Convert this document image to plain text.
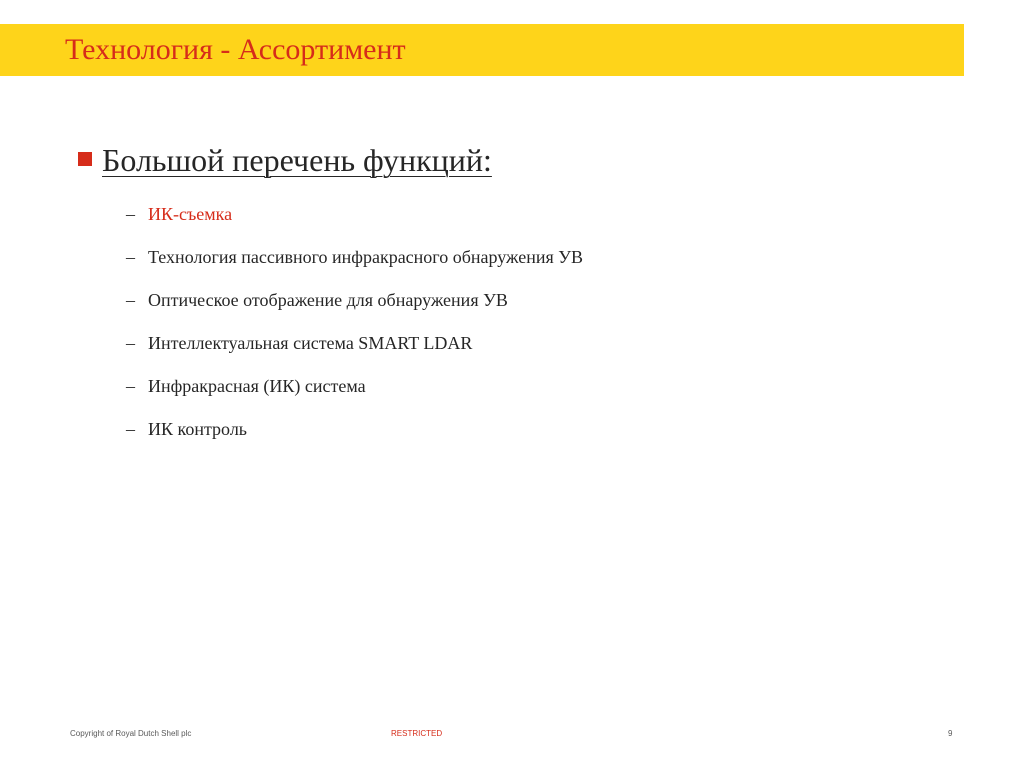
Технология - Ассортимент
Большой перечень функций:
– ИК-съемка
– Технология пассивного инфракрасного обнаружения УВ
– Оптическое отображение для обнаружения УВ
– Интеллектуальная система SMART LDAR
– Инфракрасная (ИК) система
– ИК контроль
Copyright of Royal Dutch Shell plc	RESTRICTED	9
